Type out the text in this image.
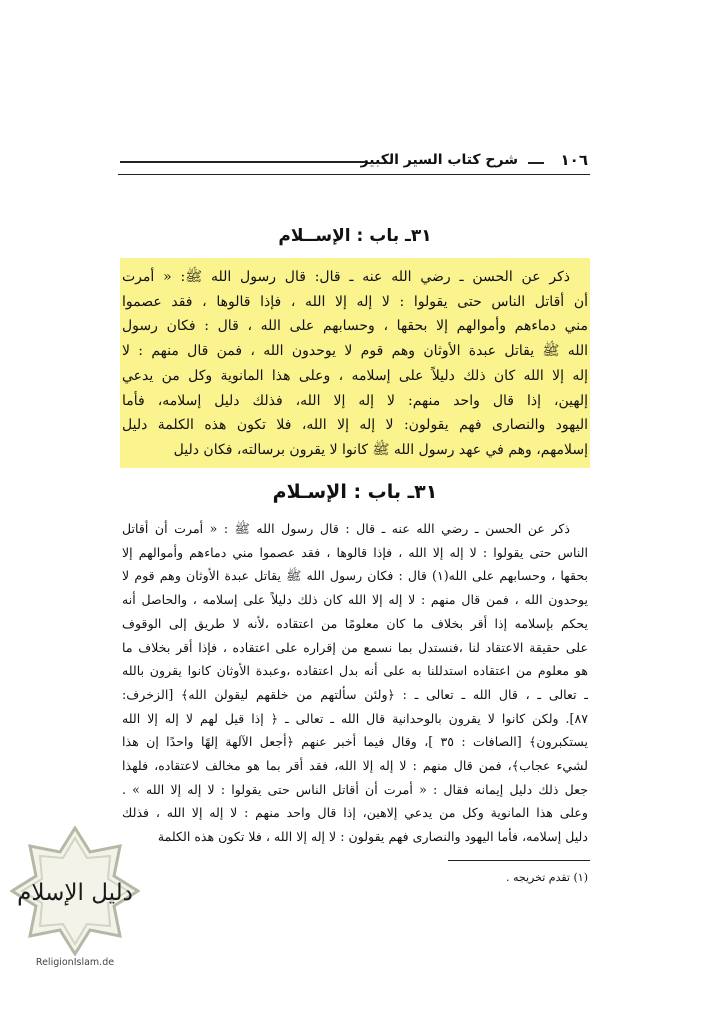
١٠٦
شرح كتاب السير الكبير
٣١ـ باب : الإســلام
ذكر عن الحسن ـ رضي الله عنه ـ قال: قال رسول الله ﷺ: « أمرت
أن أقاتل الناس حتى يقولوا : لا إله إلا الله ، فإذا قالوها ، فقد عصموا
مني دماءهم وأموالهم إلا بحقها ، وحسابهم على الله ، قال : فكان رسول
الله ﷺ يقاتل عبدة الأوثان وهم قوم لا يوحدون الله ، فمن قال منهم : لا
إله إلا الله كان ذلك دليلاً على إسلامه ، وعلى هذا المانوية وكل من يدعي
إلهين، إذا قال واحد منهم: لا إله إلا الله، فذلك دليل إسلامه، فأما
اليهود والنصارى فهم يقولون: لا إله إلا الله، فلا تكون هذه الكلمة دليل
إسلامهم، وهم في عهد رسول الله ﷺ كانوا لا يقرون برسالته، فكان دليل
٣١ـ باب : الإسـلام
ذكر عن الحسن ـ رضي الله عنه ـ قال : قال رسول الله ﷺ : « أمرت أن أقاتل
الناس حتى يقولوا : لا إله إلا الله ، فإذا قالوها ، فقد عصموا مني دماءهم وأموالهم إلا
بحقها ، وحسابهم على الله(١) قال : فكان رسول الله ﷺ يقاتل عبدة الأوثان وهم قوم لا
يوحدون الله ، فمن قال منهم : لا إله إلا الله كان ذلك دليلاً على إسلامه ، والحاصل أنه
يحكم بإسلامه إذا أقر بخلاف ما كان معلومًا من اعتقاده ،لأنه لا طريق إلى الوقوف
على حقيقة الاعتقاد لنا ،فنستدل بما نسمع من إقراره على اعتقاده ، فإذا أقر بخلاف ما
هو معلوم من اعتقاده استدللنا به على أنه بدل اعتقاده ،وعبدة الأوثان كانوا يقرون بالله
ـ تعالى ـ ، قال الله ـ تعالى ـ : ﴿ولئن سألتهم من خلقهم ليقولن الله﴾ [الزخرف:
٨٧]. ولكن كانوا لا يقرون بالوحدانية قال الله ـ تعالى ـ ﴿ إذا قيل لهم لا إله إلا الله
يستكبرون﴾ [الصافات : ٣٥ ]، وقال فيما أخبر عنهم ﴿أجعل الآلهة إلهًا واحدًا إن هذا
لشيء عجاب﴾، فمن قال منهم : لا إله إلا الله، فقد أقر بما هو مخالف لاعتقاده، فلهذا
جعل ذلك دليل إيمانه فقال : « أمرت أن أقاتل الناس حتى يقولوا : لا إله إلا الله » .
وعلى هذا المانوية وكل من يدعي إلاهين، إذا قال واحد منهم : لا إله إلا الله ، فذلك
دليل إسلامه، فأما اليهود والنصارى فهم يقولون : لا إله إلا الله ، فلا تكون هذه الكلمة
(١) تقدم تخريجه .
دليل الإسلام
ReligionIslam.de
